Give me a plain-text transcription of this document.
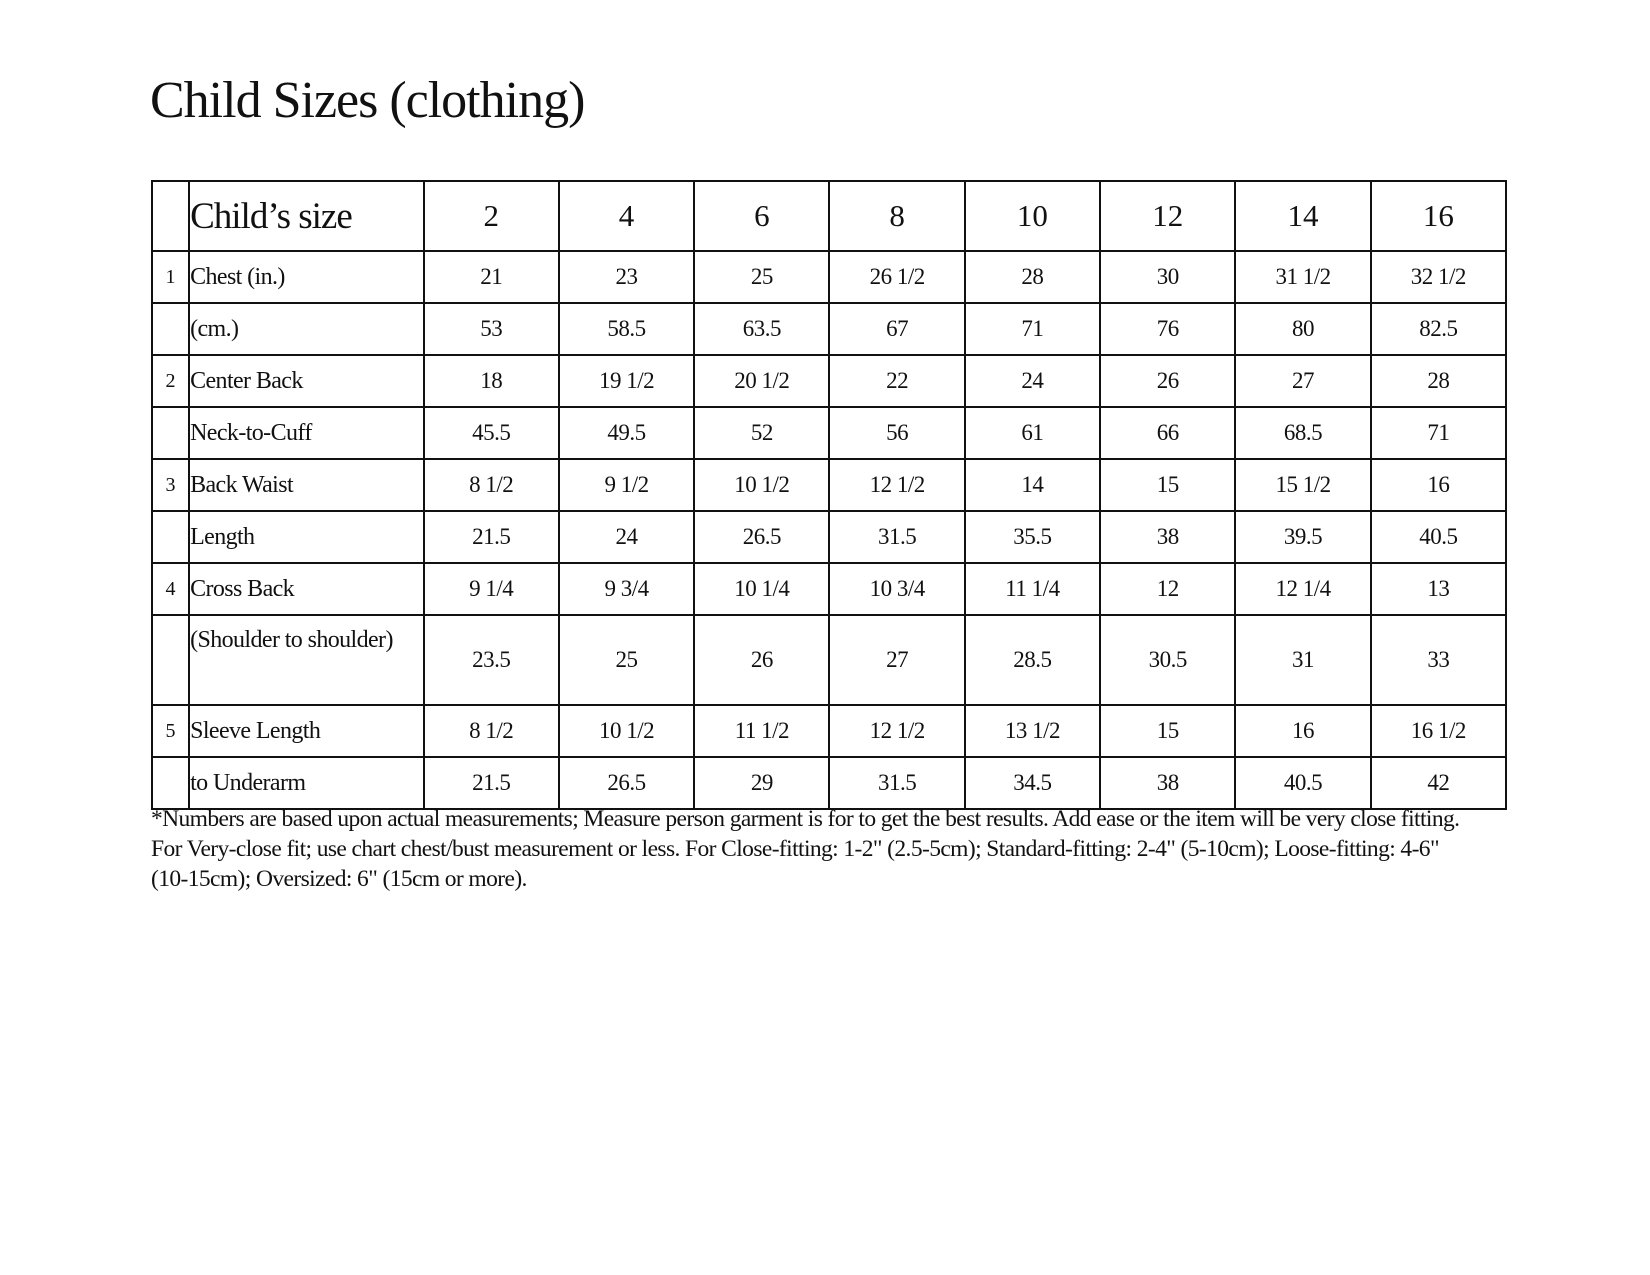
Child Sizes (clothing)
	Child’s size	2	4	6	8	10	12	14	16
1	Chest (in.)	21	23	25	26 1/2	28	30	31 1/2	32 1/2
	(cm.)	53	58.5	63.5	67	71	76	80	82.5
2	Center Back	18	19 1/2	20 1/2	22	24	26	27	28
	Neck-to-Cuff	45.5	49.5	52	56	61	66	68.5	71
3	Back Waist	8 1/2	9 1/2	10 1/2	12 1/2	14	15	15 1/2	16
	Length	21.5	24	26.5	31.5	35.5	38	39.5	40.5
4	Cross Back	9 1/4	9 3/4	10 1/4	10 3/4	11 1/4	12	12 1/4	13
	(Shoulder to shoulder)	23.5	25	26	27	28.5	30.5	31	33
5	Sleeve Length	8 1/2	10 1/2	11 1/2	12 1/2	13 1/2	15	16	16 1/2
	to Underarm	21.5	26.5	29	31.5	34.5	38	40.5	42

*Numbers are based upon actual measurements; Measure person garment is for to get the best results. Add ease or the item will be very close fitting. For Very-close fit; use chart chest/bust measurement or less. For Close-fitting: 1-2" (2.5-5cm); Standard-fitting: 2-4" (5-10cm); Loose-fitting: 4-6" (10-15cm); Oversized: 6" (15cm or more).
